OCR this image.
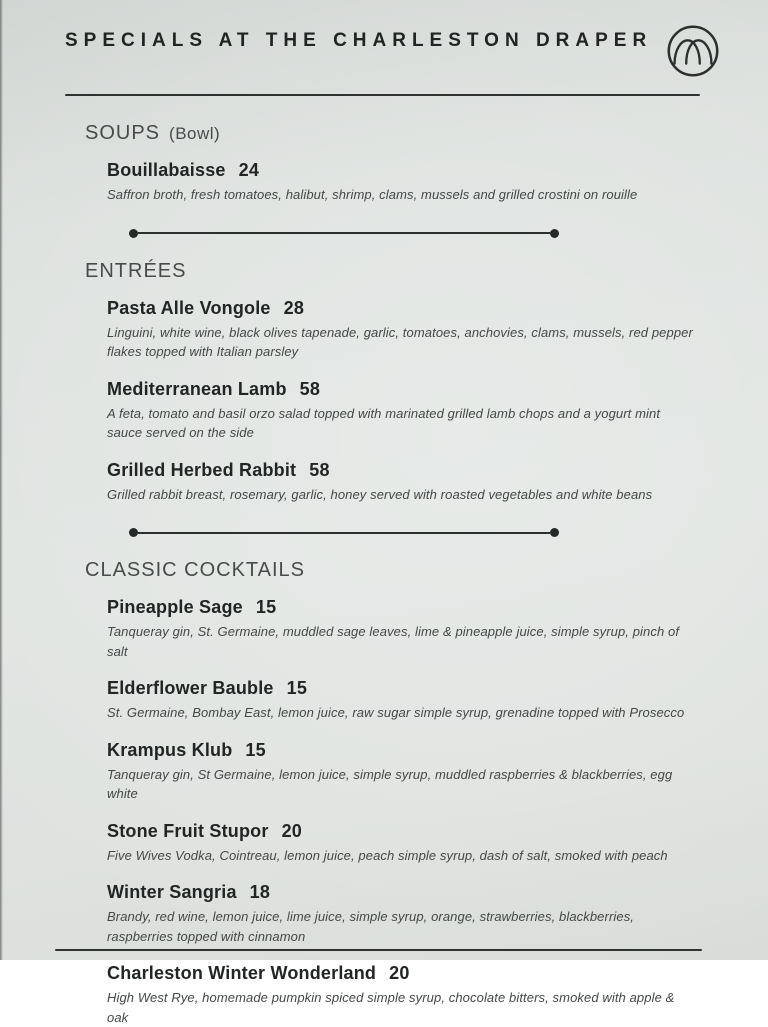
SPECIALS AT THE CHARLESTON DRAPER
SOUPS (Bowl)
Bouillabaisse 24

Saffron broth, fresh tomatoes, halibut, shrimp, clams, mussels and grilled crostini on rouille

ENTRÉES
Pasta Alle Vongole 28

Linguini, white wine, black olives tapenade, garlic, tomatoes, anchovies, clams, mussels, red pepper flakes topped with Italian parsley

Mediterranean Lamb 58

A feta, tomato and basil orzo salad topped with marinated grilled lamb chops and a yogurt mint sauce served on the side

Grilled Herbed Rabbit 58

Grilled rabbit breast, rosemary, garlic, honey served with roasted vegetables and white beans

CLASSIC COCKTAILS
Pineapple Sage 15

Tanqueray gin, St. Germaine, muddled sage leaves, lime & pineapple juice, simple syrup, pinch of salt

Elderflower Bauble 15

St. Germaine, Bombay East, lemon juice, raw sugar simple syrup, grenadine topped with Prosecco

Krampus Klub 15

Tanqueray gin, St Germaine, lemon juice, simple syrup, muddled raspberries & blackberries, egg white

Stone Fruit Stupor 20

Five Wives Vodka, Cointreau, lemon juice, peach simple syrup, dash of salt, smoked with peach

Winter Sangria 18

Brandy, red wine, lemon juice, lime juice, simple syrup, orange, strawberries, blackberries, raspberries topped with cinnamon

Charleston Winter Wonderland 20

High West Rye, homemade pumpkin spiced simple syrup, chocolate bitters, smoked with apple & oak
